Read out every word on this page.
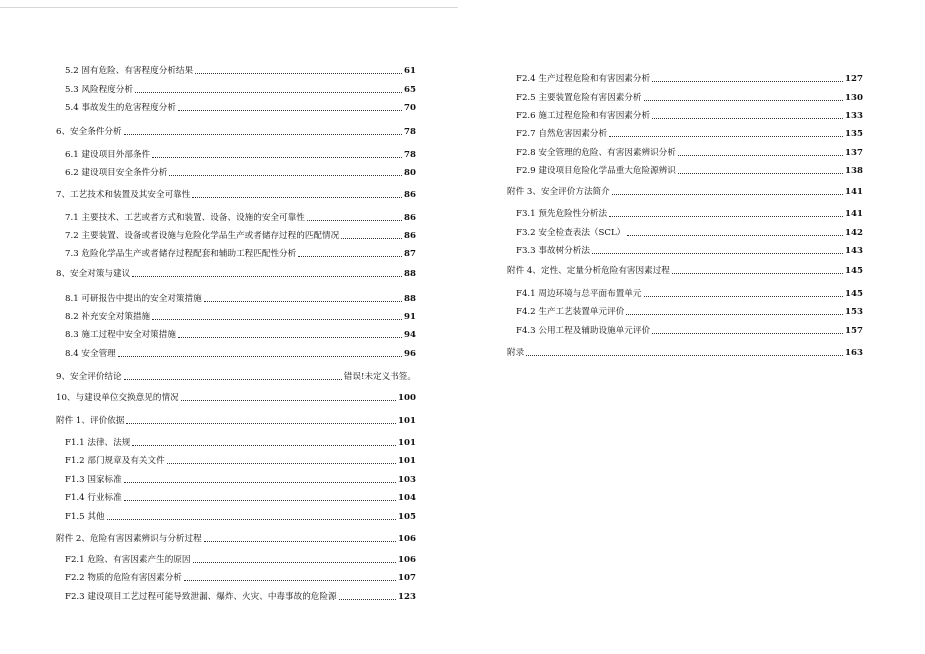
5.2 固有危险、有害程度分析结果	61
5.3 风险程度分析	65
5.4 事故发生的危害程度分析	70
6、安全条件分析	78
6.1 建设项目外部条件	78
6.2 建设项目安全条件分析	80
7、工艺技术和装置及其安全可靠性	86
7.1 主要技术、工艺或者方式和装置、设备、设施的安全可靠性	86
7.2 主要装置、设备或者设施与危险化学品生产或者储存过程的匹配情况	86
7.3 危险化学品生产或者储存过程配套和辅助工程匹配性分析	87
8、安全对策与建议	88
8.1 可研报告中提出的安全对策措施	88
8.2 补充安全对策措施	91
8.3 施工过程中安全对策措施	94
8.4 安全管理	96
9、安全评价结论	错误!未定义书签。
10、与建设单位交换意见的情况	100
附件 1、评价依据	101
F1.1 法律、法规	101
F1.2 部门规章及有关文件	101
F1.3 国家标准	103
F1.4 行业标准	104
F1.5 其他	105
附件 2、危险有害因素辨识与分析过程	106
F2.1 危险、有害因素产生的原因	106
F2.2 物质的危险有害因素分析	107
F2.3 建设项目工艺过程可能导致泄漏、爆炸、火灾、中毒事故的危险源	123
F2.4 生产过程危险和有害因素分析	127
F2.5 主要装置危险有害因素分析	130
F2.6 施工过程危险和有害因素分析	133
F2.7 自然危害因素分析	135
F2.8 安全管理的危险、有害因素辨识分析	137
F2.9 建设项目危险化学品重大危险源辨识	138
附件 3、安全评价方法简介	141
F3.1 预先危险性分析法	141
F3.2 安全检查表法（SCL）	142
F3.3 事故树分析法	143
附件 4、定性、定量分析危险有害因素过程	145
F4.1 周边环境与总平面布置单元	145
F4.2 生产工艺装置单元评价	153
F4.3 公用工程及辅助设施单元评价	157
附录	163
